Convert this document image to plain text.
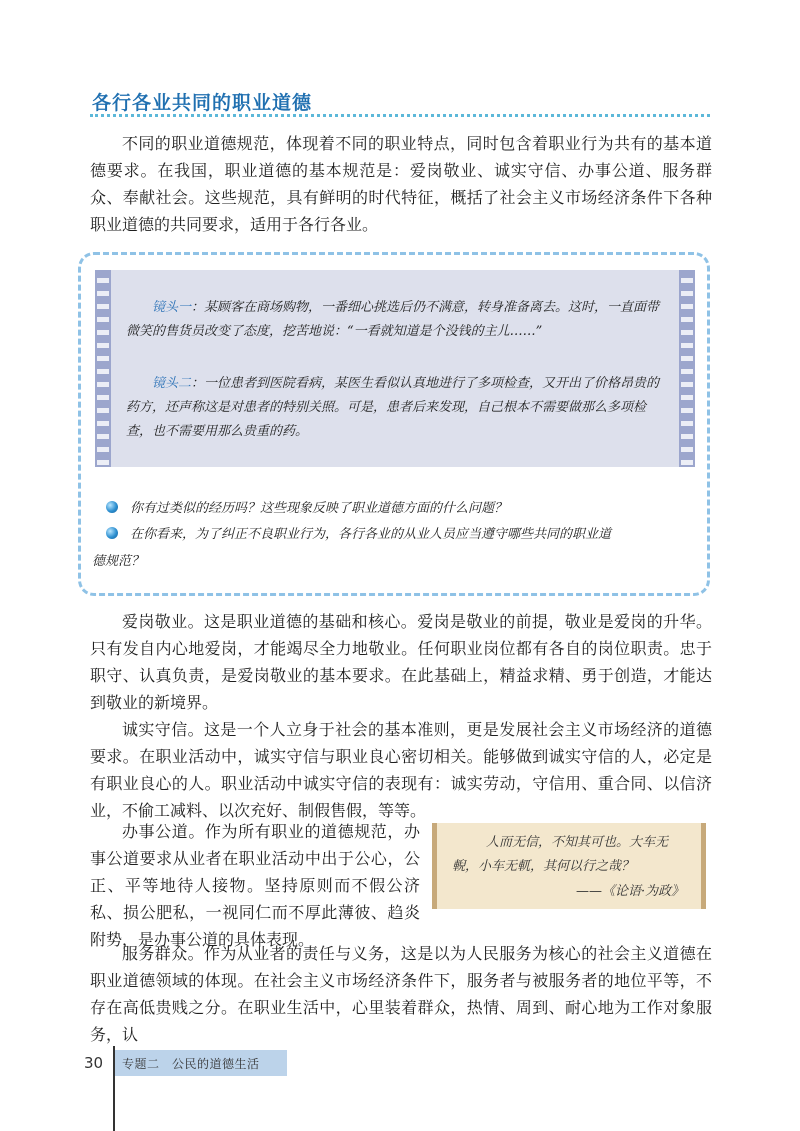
各行各业共同的职业道德

不同的职业道德规范，体现着不同的职业特点，同时包含着职业行为共有的基本道德要求。在我国，职业道德的基本规范是：爱岗敬业、诚实守信、办事公道、服务群众、奉献社会。这些规范，具有鲜明的时代特征，概括了社会主义市场经济条件下各种职业道德的共同要求，适用于各行各业。

镜头一：某顾客在商场购物，一番细心挑选后仍不满意，转身准备离去。这时，一直面带微笑的售货员改变了态度，挖苦地说：“一看就知道是个没钱的主儿……”

镜头二：一位患者到医院看病，某医生看似认真地进行了多项检查，又开出了价格昂贵的药方，还声称这是对患者的特别关照。可是，患者后来发现，自己根本不需要做那么多项检查，也不需要用那么贵重的药。

你有过类似的经历吗？这些现象反映了职业道德方面的什么问题？

在你看来，为了纠正不良职业行为，各行各业的从业人员应当遵守哪些共同的职业道

德规范？

爱岗敬业。这是职业道德的基础和核心。爱岗是敬业的前提，敬业是爱岗的升华。只有发自内心地爱岗，才能竭尽全力地敬业。任何职业岗位都有各自的岗位职责。忠于职守、认真负责，是爱岗敬业的基本要求。在此基础上，精益求精、勇于创造，才能达到敬业的新境界。

诚实守信。这是一个人立身于社会的基本准则，更是发展社会主义市场经济的道德要求。在职业活动中，诚实守信与职业良心密切相关。能够做到诚实守信的人，必定是有职业良心的人。职业活动中诚实守信的表现有：诚实劳动，守信用、重合同、以信济业，不偷工减料、以次充好、制假售假，等等。

办事公道。作为所有职业的道德规范，办事公道要求从业者在职业活动中出于公心，公正、平等地待人接物。坚持原则而不假公济私、损公肥私，一视同仁而不厚此薄彼、趋炎附势，是办事公道的具体表现。

人而无信，不知其可也。大车无

輗，小车无軏，其何以行之哉？

——《论语·为政》

服务群众。作为从业者的责任与义务，这是以为人民服务为核心的社会主义道德在职业道德领域的体现。在社会主义市场经济条件下，服务者与被服务者的地位平等，不存在高低贵贱之分。在职业生活中，心里装着群众，热情、周到、耐心地为工作对象服务，认

30 专题二　公民的道德生活
